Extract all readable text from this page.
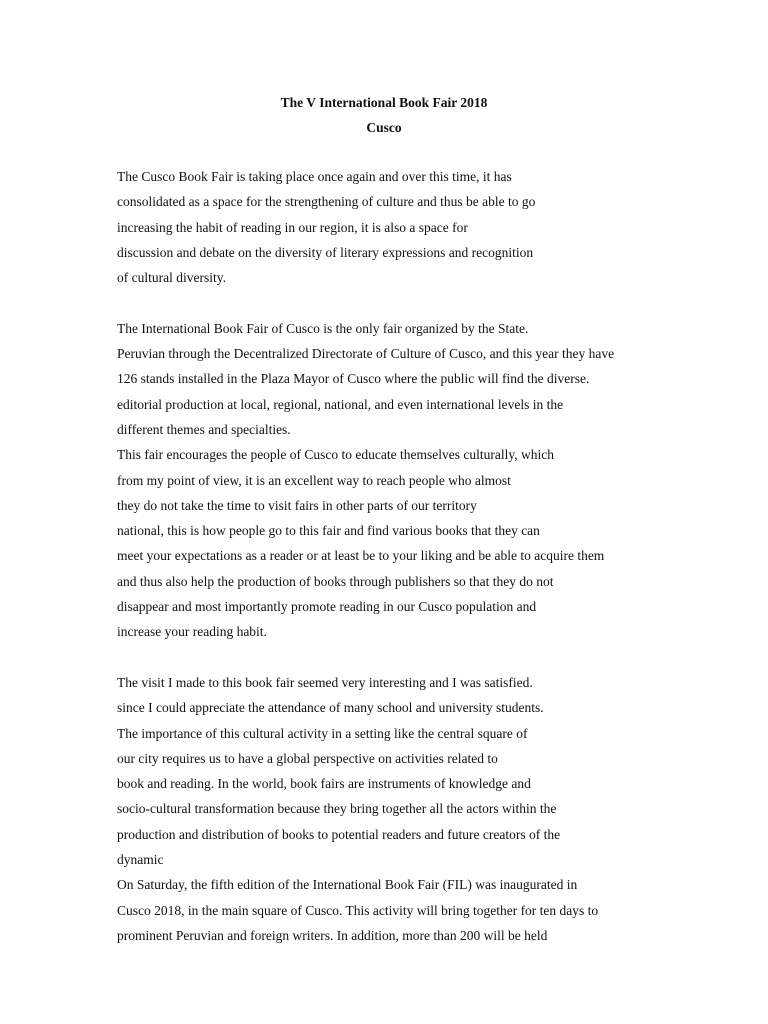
The V International Book Fair 2018
Cusco
The Cusco Book Fair is taking place once again and over this time, it has
consolidated as a space for the strengthening of culture and thus be able to go
increasing the habit of reading in our region, it is also a space for
discussion and debate on the diversity of literary expressions and recognition
of cultural diversity.
The International Book Fair of Cusco is the only fair organized by the State.
Peruvian through the Decentralized Directorate of Culture of Cusco, and this year they have
126 stands installed in the Plaza Mayor of Cusco where the public will find the diverse.
editorial production at local, regional, national, and even international levels in the
different themes and specialties.
This fair encourages the people of Cusco to educate themselves culturally, which
from my point of view, it is an excellent way to reach people who almost
they do not take the time to visit fairs in other parts of our territory
national, this is how people go to this fair and find various books that they can
meet your expectations as a reader or at least be to your liking and be able to acquire them
and thus also help the production of books through publishers so that they do not
disappear and most importantly promote reading in our Cusco population and
increase your reading habit.
The visit I made to this book fair seemed very interesting and I was satisfied.
since I could appreciate the attendance of many school and university students.
The importance of this cultural activity in a setting like the central square of
our city requires us to have a global perspective on activities related to
book and reading. In the world, book fairs are instruments of knowledge and
socio-cultural transformation because they bring together all the actors within the
production and distribution of books to potential readers and future creators of the
dynamic
On Saturday, the fifth edition of the International Book Fair (FIL) was inaugurated in
Cusco 2018, in the main square of Cusco. This activity will bring together for ten days to
prominent Peruvian and foreign writers. In addition, more than 200 will be held
